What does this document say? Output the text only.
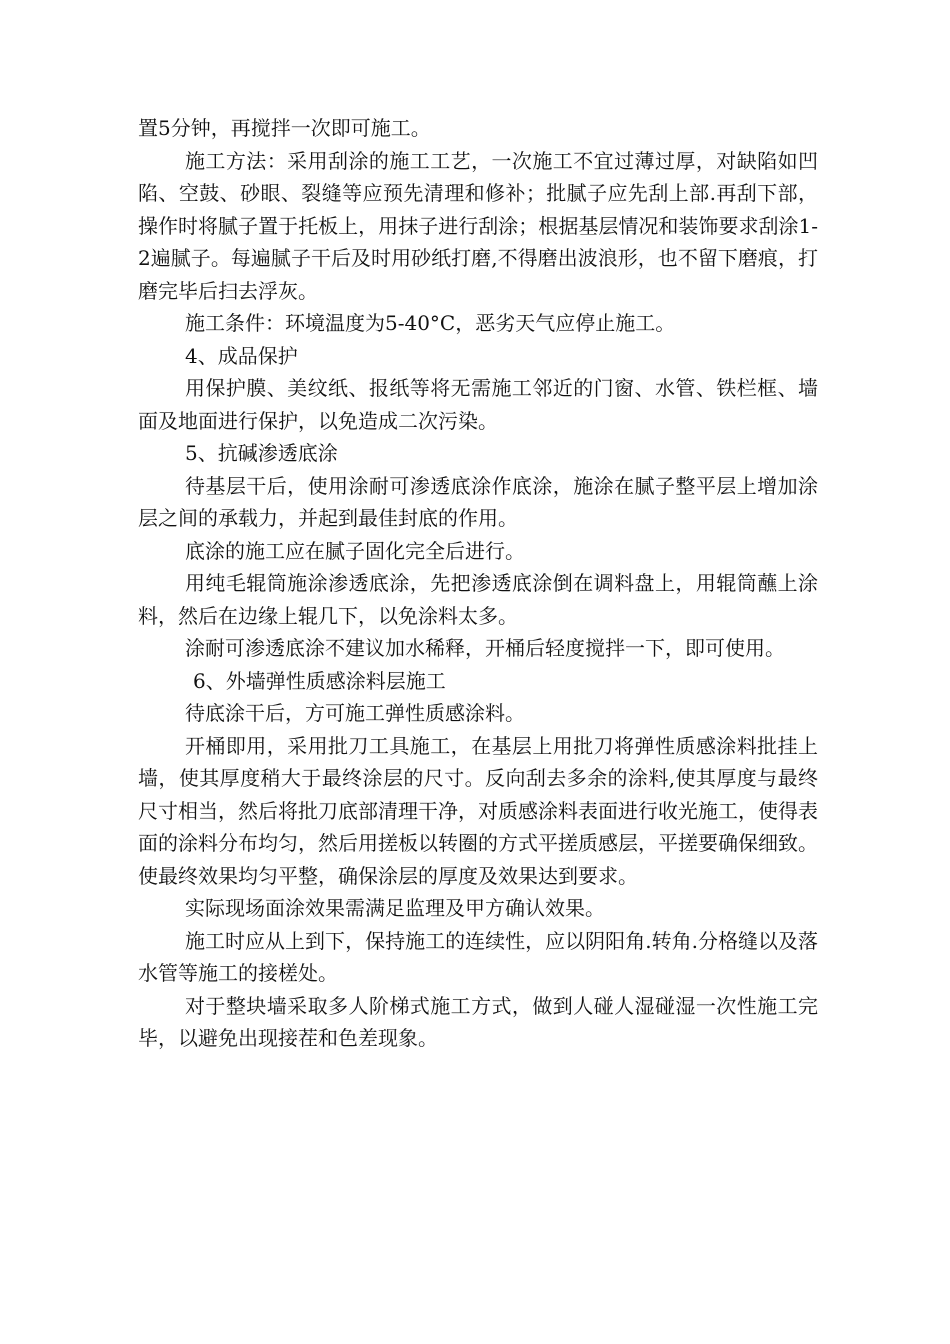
置5分钟，再搅拌一次即可施工。

施工方法：采用刮涂的施工工艺，一次施工不宜过薄过厚，对缺陷如凹陷、空鼓、砂眼、裂缝等应预先清理和修补；批腻子应先刮上部.再刮下部，操作时将腻子置于托板上，用抹子进行刮涂；根据基层情况和装饰要求刮涂1-2遍腻子。每遍腻子干后及时用砂纸打磨,不得磨出波浪形，也不留下磨痕，打磨完毕后扫去浮灰。

施工条件：环境温度为5-40°C，恶劣天气应停止施工。

4、成品保护

用保护膜、美纹纸、报纸等将无需施工邻近的门窗、水管、铁栏框、墙面及地面进行保护，以免造成二次污染。

5、抗碱渗透底涂

待基层干后，使用涂耐可渗透底涂作底涂，施涂在腻子整平层上增加涂层之间的承载力，并起到最佳封底的作用。

底涂的施工应在腻子固化完全后进行。

用纯毛辊筒施涂渗透底涂，先把渗透底涂倒在调料盘上，用辊筒蘸上涂料，然后在边缘上辊几下，以免涂料太多。

涂耐可渗透底涂不建议加水稀释，开桶后轻度搅拌一下，即可使用。

6、外墙弹性质感涂料层施工

待底涂干后，方可施工弹性质感涂料。

开桶即用，采用批刀工具施工，在基层上用批刀将弹性质感涂料批挂上墙，使其厚度稍大于最终涂层的尺寸。反向刮去多余的涂料,使其厚度与最终尺寸相当，然后将批刀底部清理干净，对质感涂料表面进行收光施工，使得表面的涂料分布均匀，然后用搓板以转圈的方式平搓质感层，平搓要确保细致。使最终效果均匀平整，确保涂层的厚度及效果达到要求。

实际现场面涂效果需满足监理及甲方确认效果。

施工时应从上到下，保持施工的连续性，应以阴阳角.转角.分格缝以及落水管等施工的接槎处。

对于整块墙采取多人阶梯式施工方式，做到人碰人湿碰湿一次性施工完毕，以避免出现接茬和色差现象。
